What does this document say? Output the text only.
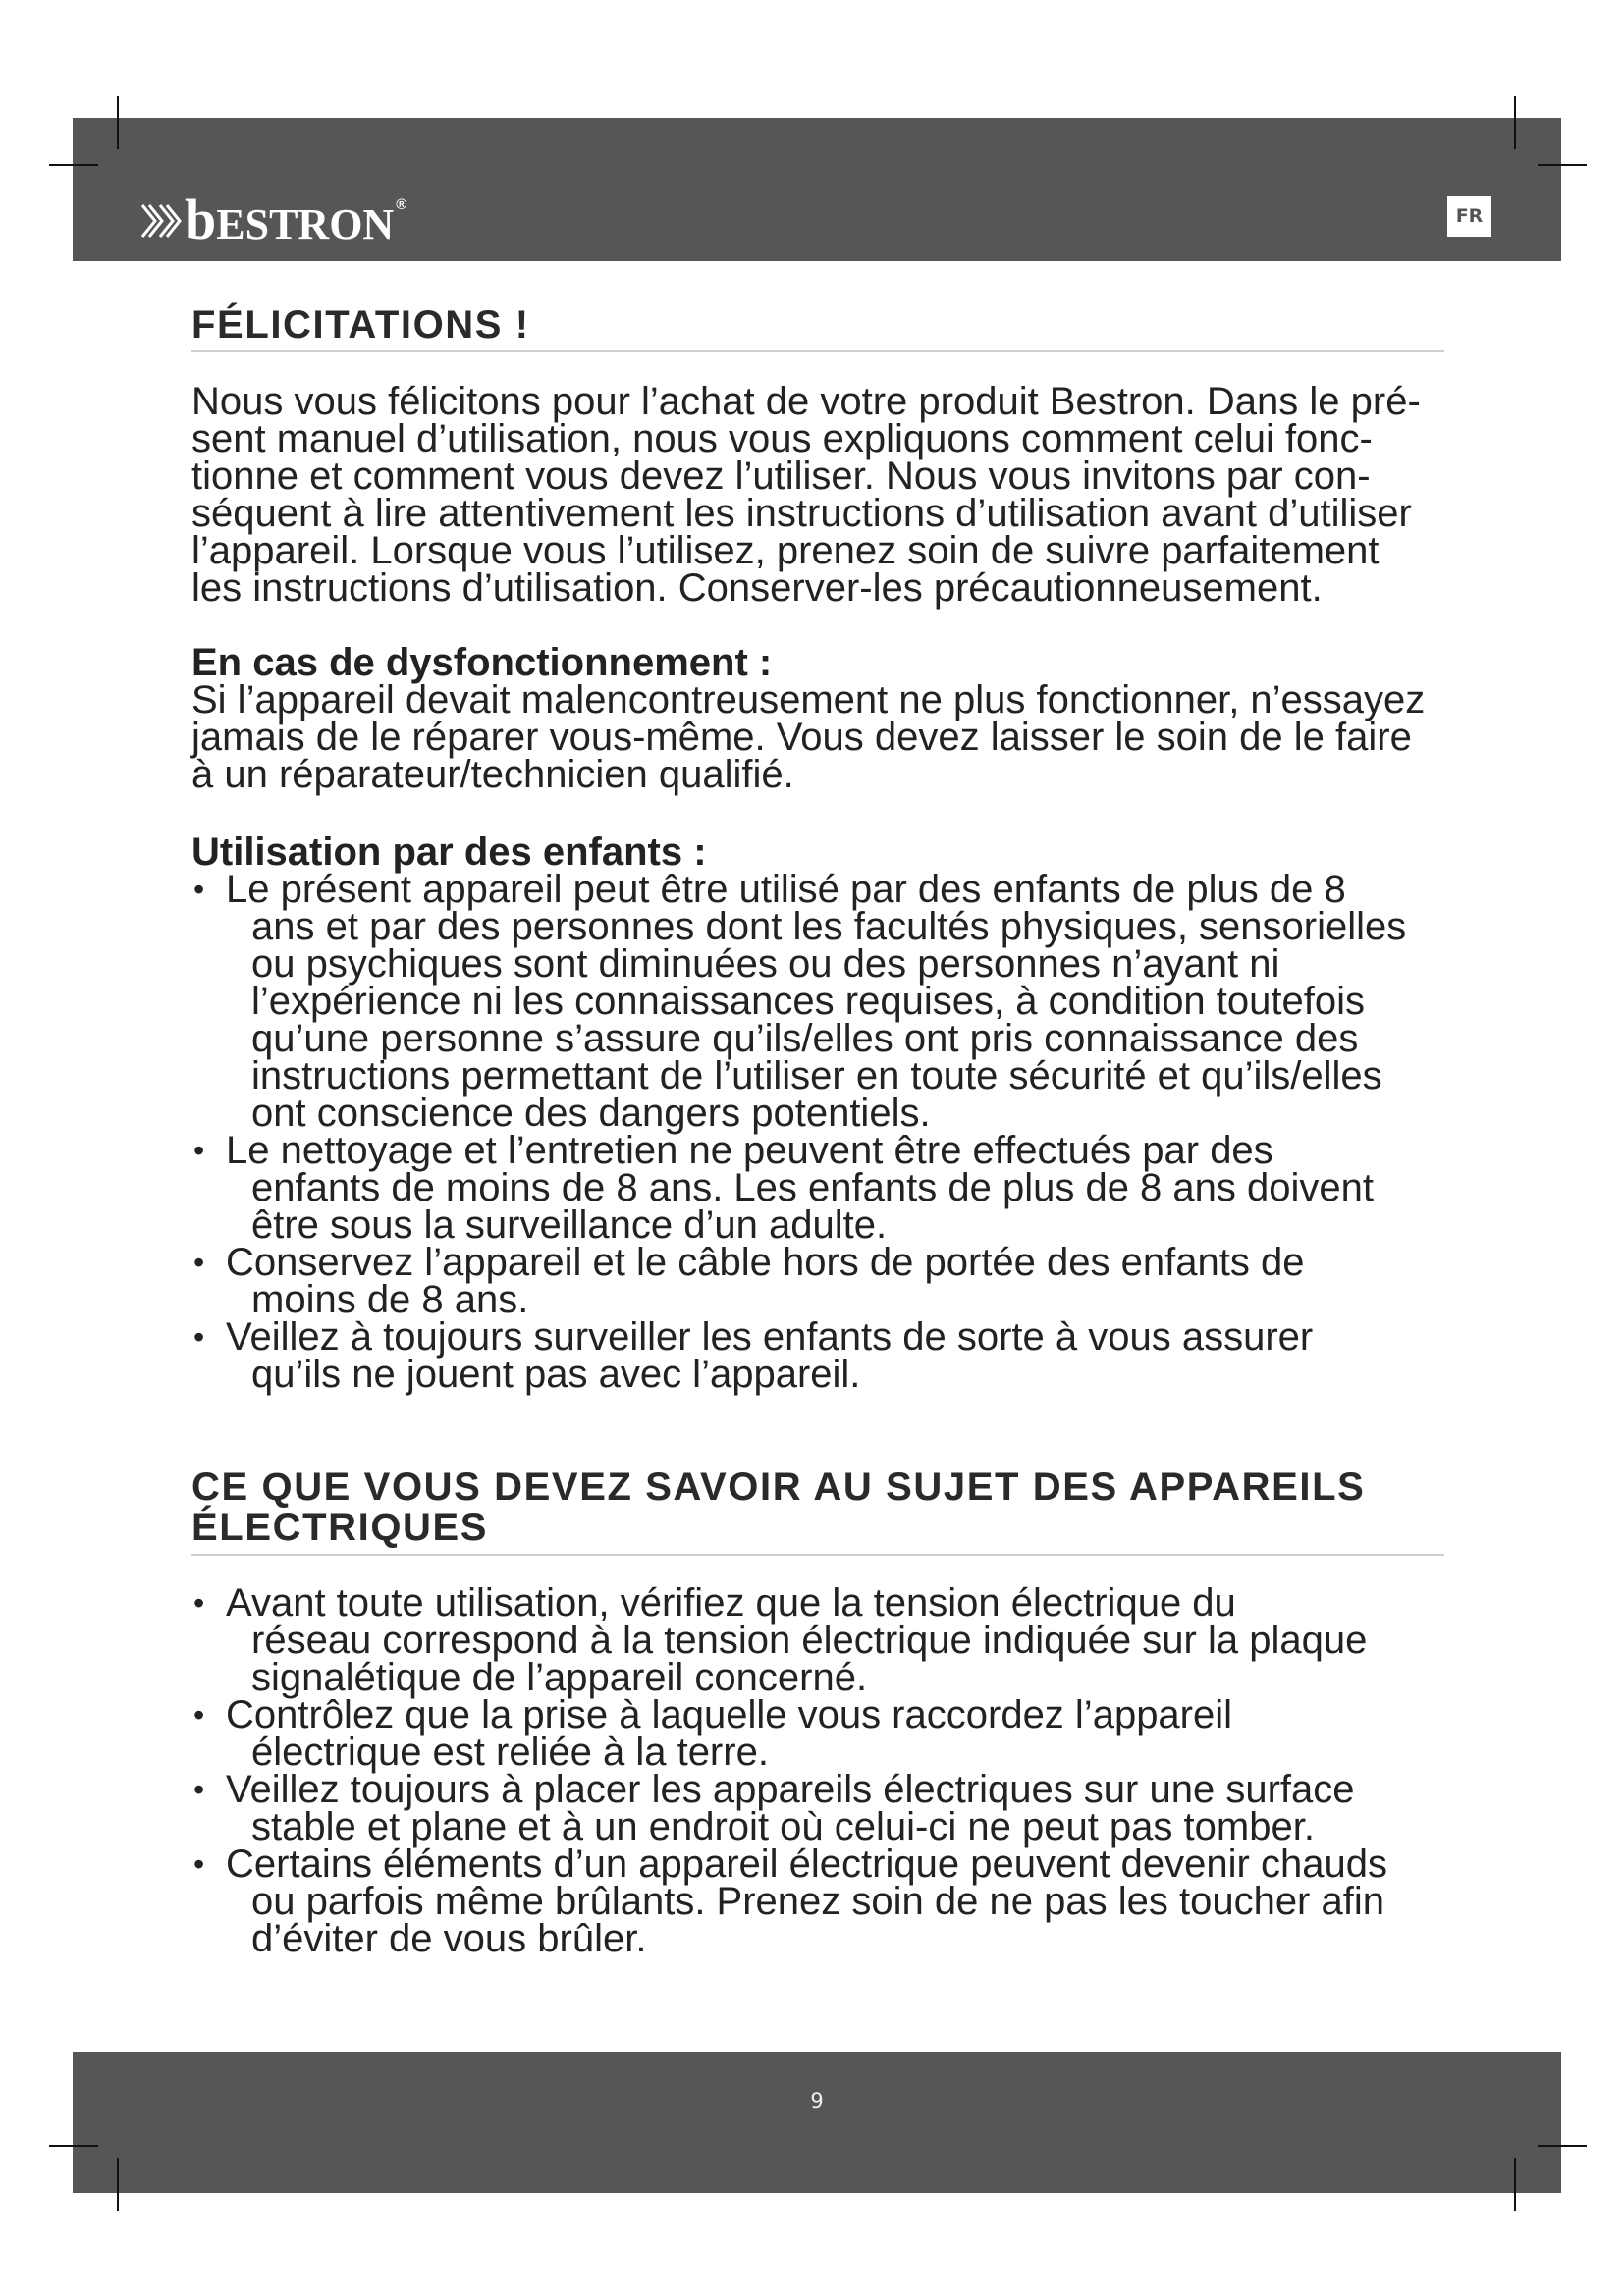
bESTRON ®
FR
FÉLICITATIONS !
Nous vous félicitons pour l’achat de votre produit Bestron. Dans le pré-
sent manuel d’utilisation, nous vous expliquons comment celui fonc-
tionne et comment vous devez l’utiliser. Nous vous invitons par con-
séquent à lire attentivement les instructions d’utilisation avant d’utiliser
l’appareil. Lorsque vous l’utilisez, prenez soin de suivre parfaitement
les instructions d’utilisation. Conserver-les précautionneusement.
En cas de dysfonctionnement :
Si l’appareil devait malencontreusement ne plus fonctionner, n’essayez
jamais de le réparer vous-même. Vous devez laisser le soin de le faire
à un réparateur/technicien qualifié.
Utilisation par des enfants :
• Le présent appareil peut être utilisé par des enfants de plus de 8
ans et par des personnes dont les facultés physiques, sensorielles
ou psychiques sont diminuées ou des personnes n’ayant ni
l’expérience ni les connaissances requises, à condition toutefois
qu’une personne s’assure qu’ils/elles ont pris connaissance des
instructions permettant de l’utiliser en toute sécurité et qu’ils/elles
ont conscience des dangers potentiels.
• Le nettoyage et l’entretien ne peuvent être effectués par des
enfants de moins de 8 ans. Les enfants de plus de 8 ans doivent
être sous la surveillance d’un adulte.
• Conservez l’appareil et le câble hors de portée des enfants de
moins de 8 ans.
• Veillez à toujours surveiller les enfants de sorte à vous assurer
qu’ils ne jouent pas avec l’appareil.
CE QUE VOUS DEVEZ SAVOIR AU SUJET DES APPAREILS
ÉLECTRIQUES
• Avant toute utilisation, vérifiez que la tension électrique du
réseau correspond à la tension électrique indiquée sur la plaque
signalétique de l’appareil concerné.
• Contrôlez que la prise à laquelle vous raccordez l’appareil
électrique est reliée à la terre.
• Veillez toujours à placer les appareils électriques sur une surface
stable et plane et à un endroit où celui-ci ne peut pas tomber.
• Certains éléments d’un appareil électrique peuvent devenir chauds
ou parfois même brûlants. Prenez soin de ne pas les toucher afin
d’éviter de vous brûler.
9
